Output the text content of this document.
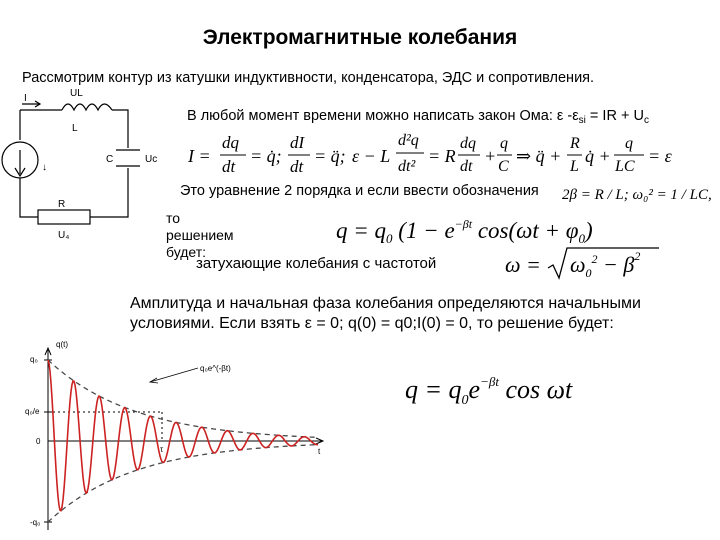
Электромагнитные колебания
Рассмотрим контур из катушки индуктивности, конденсатора, ЭДС и сопротивления.
В любой момент времени можно написать закон Ома: ε $-\varepsilon_{si}$ = IR + $U_c$
Это уравнение 2 порядка и если ввести обозначения
то решением будет:
затухающие колебания с частотой
Амплитуда и начальная фаза колебания определяются начальными условиями. Если взять ε = 0; q(0) = q0;I(0) = 0, то решение будет:
I	UL
L
C	Uc
R
U₄
↓
I =
dq
dt
= q̇;
dI
dt
= q̈; ε − L
d²q
dt²
= R
dq
dt
+
q
C
⇒ q̈ +
R
L
q̇ +
q
LC
= ε
2β = R / L; ω₀² = 1 / LC,
$q = q_0$ ($1 - e^{-\beta t}$ $\cos(\omega t + \varphi_0)$
$\omega = \omega_0^2 - \beta^2$
$q = q_0e^{-\beta t}$ cos ωt
q(t)
q₀
q₀/e
0
-q₀
t
τ
q₀e^(-βt)
